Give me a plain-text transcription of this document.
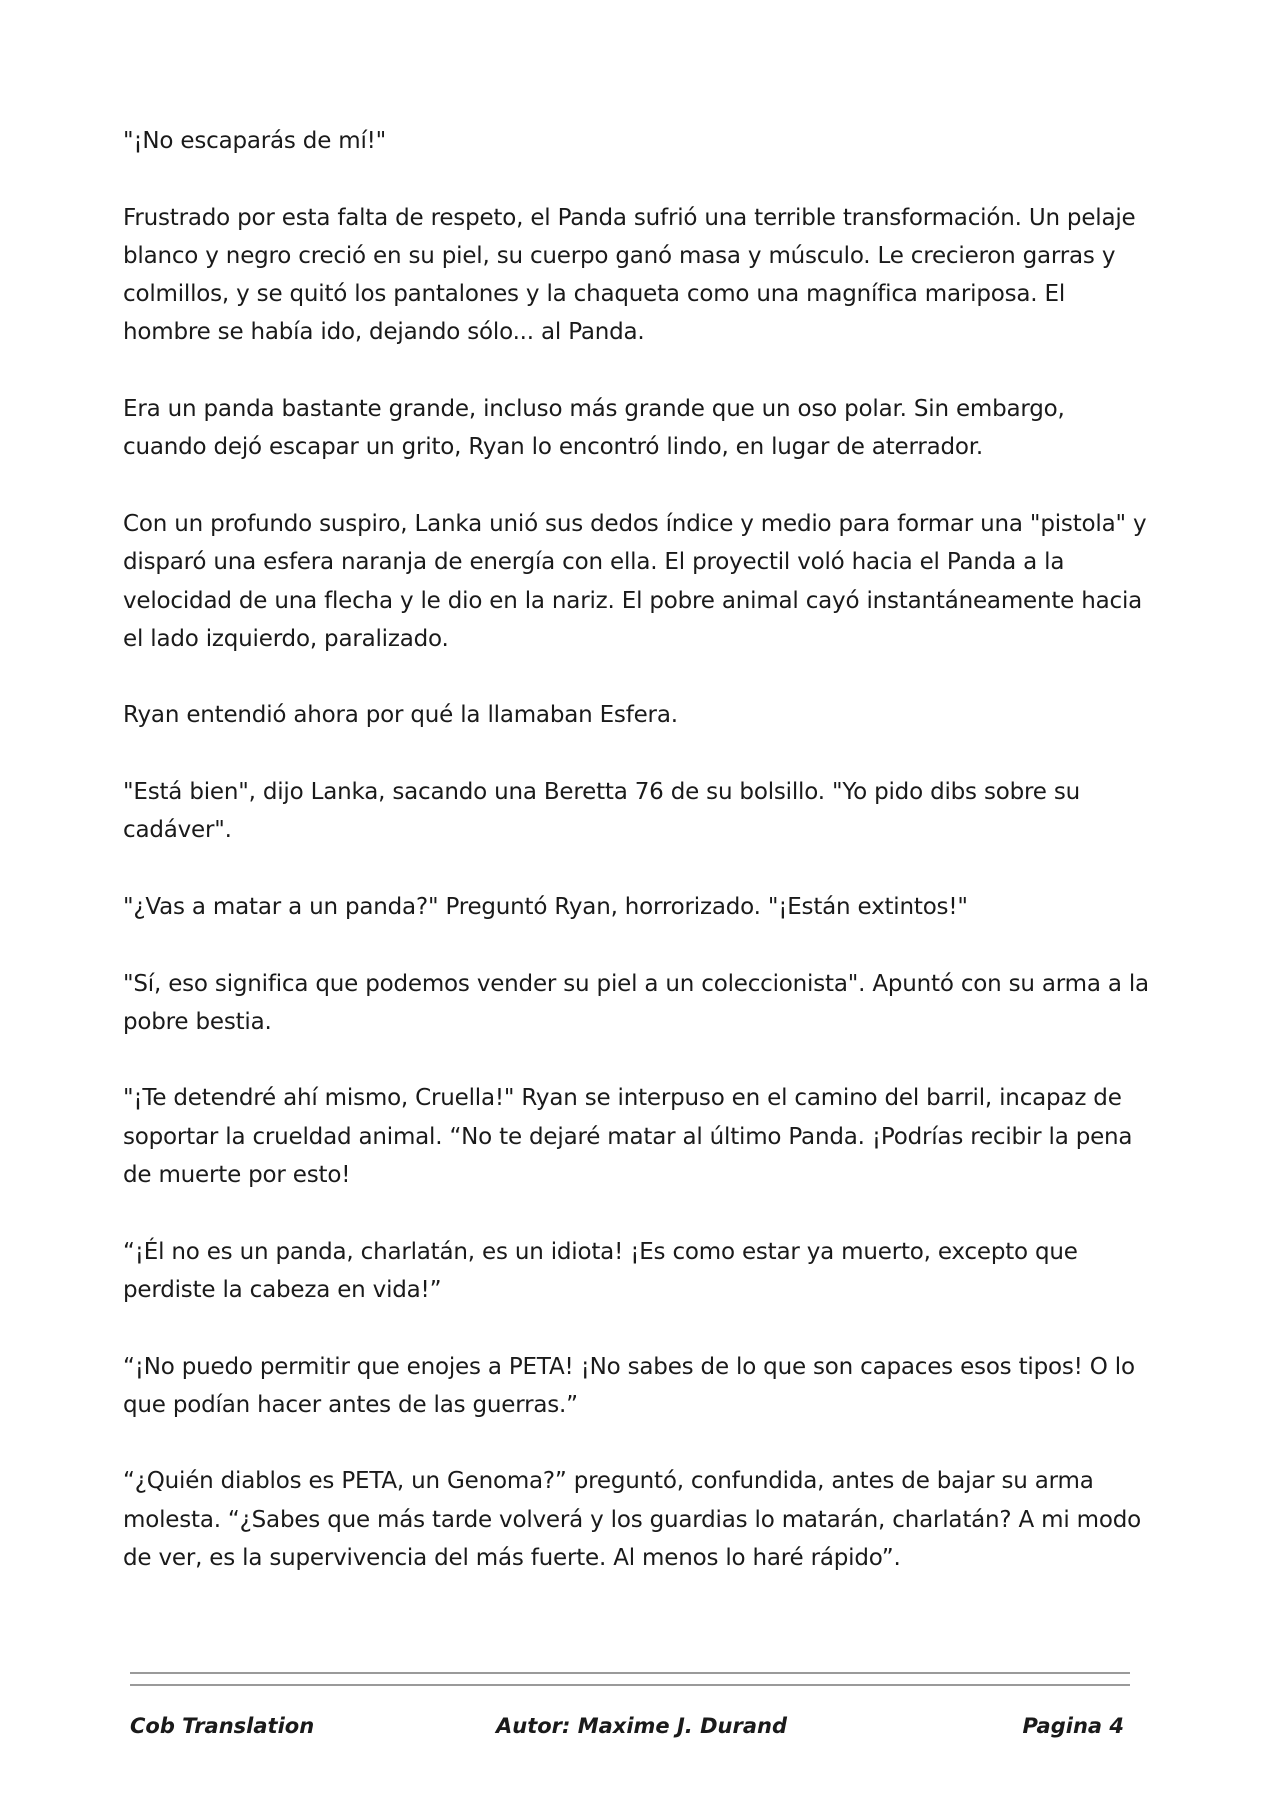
"¡No escaparás de mí!"

Frustrado por esta falta de respeto, el Panda sufrió una terrible transformación. Un pelaje blanco y negro creció en su piel, su cuerpo ganó masa y músculo. Le crecieron garras y colmillos, y se quitó los pantalones y la chaqueta como una magnífica mariposa. El hombre se había ido, dejando sólo... al Panda.

Era un panda bastante grande, incluso más grande que un oso polar. Sin embargo, cuando dejó escapar un grito, Ryan lo encontró lindo, en lugar de aterrador.

Con un profundo suspiro, Lanka unió sus dedos índice y medio para formar una "pistola" y disparó una esfera naranja de energía con ella. El proyectil voló hacia el Panda a la velocidad de una flecha y le dio en la nariz. El pobre animal cayó instantáneamente hacia el lado izquierdo, paralizado.

Ryan entendió ahora por qué la llamaban Esfera.

"Está bien", dijo Lanka, sacando una Beretta 76 de su bolsillo. "Yo pido dibs sobre su cadáver".

"¿Vas a matar a un panda?" Preguntó Ryan, horrorizado. "¡Están extintos!"

"Sí, eso significa que podemos vender su piel a un coleccionista". Apuntó con su arma a la pobre bestia.

"¡Te detendré ahí mismo, Cruella!" Ryan se interpuso en el camino del barril, incapaz de soportar la crueldad animal. “No te dejaré matar al último Panda. ¡Podrías recibir la pena de muerte por esto!

“¡Él no es un panda, charlatán, es un idiota! ¡Es como estar ya muerto, excepto que perdiste la cabeza en vida!”

“¡No puedo permitir que enojes a PETA! ¡No sabes de lo que son capaces esos tipos! O lo que podían hacer antes de las guerras.”

“¿Quién diablos es PETA, un Genoma?” preguntó, confundida, antes de bajar su arma molesta. “¿Sabes que más tarde volverá y los guardias lo matarán, charlatán? A mi modo de ver, es la supervivencia del más fuerte. Al menos lo haré rápido”.

Cob Translation	Autor: Maxime J. Durand	Pagina 4
